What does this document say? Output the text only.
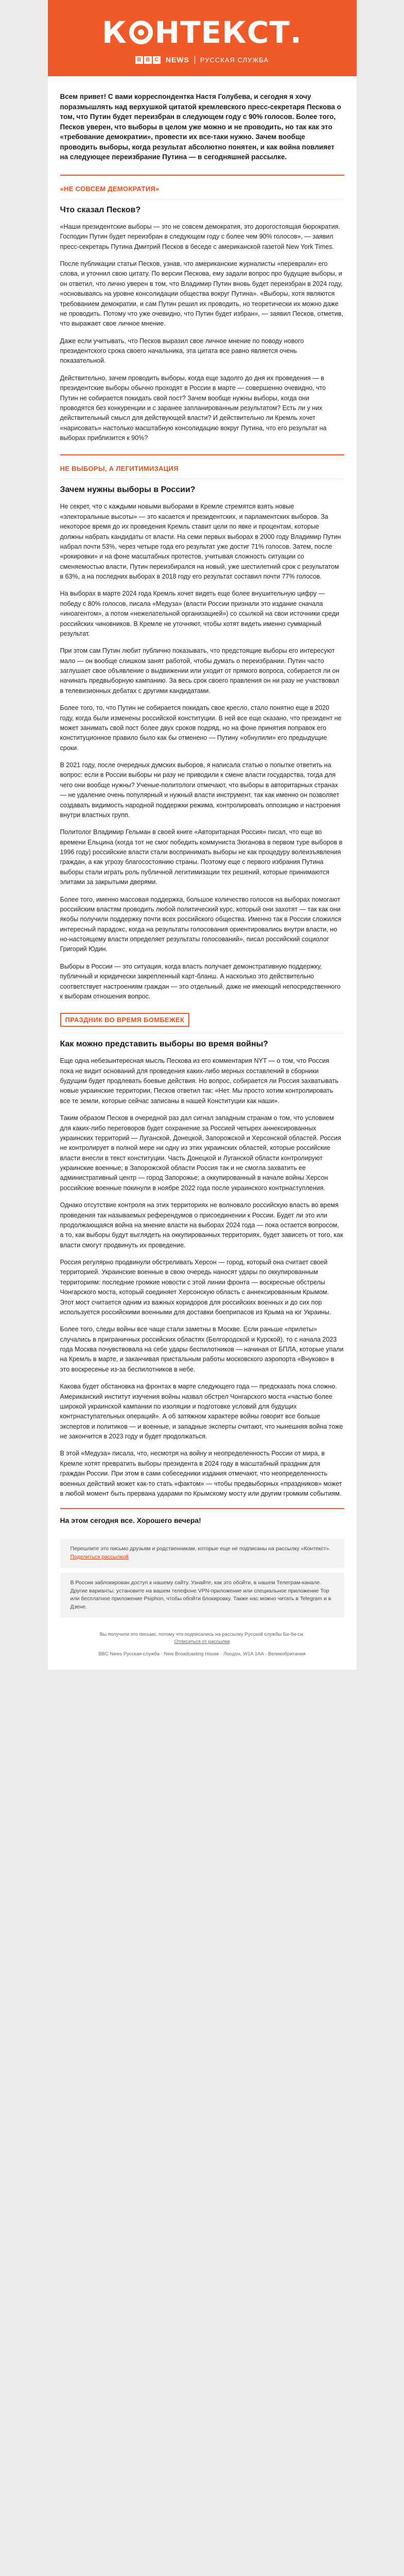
К НТЕКСТ.
B B C NEWS РУССКАЯ СЛУЖБА

Всем привет! С вами корреспондентка Настя Голубева, и сегодня я хочу поразмышлять над верхушкой цитатой кремлевского пресс-секретаря Пескова о том, что Путин будет переизбран в следующем году с 90% голосов. Более того, Песков уверен, что выборы в целом уже можно и не проводить, но так как это «требование демократии», провести их все-таки нужно. Зачем вообще проводить выборы, когда результат абсолютно понятен, и как война повлияет на следующее переизбрание Путина — в сегодняшней рассылке.

«НЕ СОВСЕМ ДЕМОКРАТИЯ»
Что сказал Песков?

«Наши президентские выборы — это не совсем демократия, это дорогостоящая бюрократия. Господин Путин будет переизбран в следующем году с более чем 90% голосов», — заявил пресс-секретарь Путина Дмитрий Песков в беседе с американской газетой New York Times.

После публикации статьи Песков, узнав, что американские журналисты «переврали» его слова, и уточнил свою цитату. По версии Пескова, ему задали вопрос про будущие выборы, и он ответил, что лично уверен в том, что Владимир Путин вновь будет переизбран в 2024 году, «основываясь на уровне консолидации общества вокруг Путина». «Выборы, хотя являются требованием демократии, и сам Путин решил их проводить, но теоретически их можно даже не проводить. Потому что уже очевидно, что Путин будет избран», — заявил Песков, отметив, что выражает свое личное мнение.

Даже если учитывать, что Песков выразил свое личное мнение по поводу нового президентского срока своего начальника, эта цитата все равно является очень показательной.

Действительно, зачем проводить выборы, когда еще задолго до дня их проведения — в президентские выборы обычно проходят в России в марте — совершенно очевидно, что Путин не собирается покидать свой пост? Зачем вообще нужны выборы, когда они проводятся без конкуренции и с заранее запланированным результатом? Есть ли у них действительный смысл для действующей власти? И действительно ли Кремль хочет «нарисовать» настолько масштабную консолидацию вокруг Путина, что его результат на выборах приблизится к 90%?

НЕ ВЫБОРЫ, А ЛЕГИТИМИЗАЦИЯ
Зачем нужны выборы в России?

Не секрет, что с каждыми новыми выборами в Кремле стремятся взять новые «электоральные высоты» — это касается и президентских, и парламентских выборов. За некоторое время до их проведения Кремль ставит цели по явке и процентам, которые должны набрать кандидаты от власти. На семи первых выборах в 2000 году Владимир Путин набрал почти 53%, через четыре года его результат уже достиг 71% голосов. Затем, после «рокировки» и на фоне масштабных протестов, учитывая сложность ситуации со сменяемостью власти, Путин переизбирался на новый, уже шестилетний срок с результатом в 63%, а на последних выборах в 2018 году его результат составил почти 77% голосов.

На выборах в марте 2024 года Кремль хочет видеть еще более внушительную цифру — победу с 80% голосов, писала «Медуза» (власти России признали это издание сначала «иноагентом», а потом «нежелательной организацией») со ссылкой на свои источники среди российских чиновников. В Кремле не уточняют, чтобы хотят видеть именно суммарный результат.

При этом сам Путин любит публично показывать, что предстоящие выборы его интересуют мало — он вообще слишком занят работой, чтобы думать о переизбрании. Путин часто заглушает свое объявление о выдвижении или уходит от прямого вопроса, собирается ли он начинать предвыборную кампанию. За весь срок своего правления он ни разу не участвовал в телевизионных дебатах с другими кандидатами.

Более того, то, что Путин не собирается покидать свое кресло, стало понятно еще в 2020 году, когда были изменены российской конституции. В ней все еще сказано, что президент не может занимать свой пост более двух сроков подряд, но на фоне принятия поправок его конституционное правило было как бы отменено — Путину «обнулили» его предыдущие сроки.

В 2021 году, после очередных думских выборов, я написала статью о попытке ответить на вопрос: если в России выборы ни разу не приводили к смене власти государства, тогда для чего они вообще нужны? Ученые-политологи отмечают, что выборы в авторитарных странах — не удаление очень популярный и нужный власти инструмент, так как именно он позволяет создавать видимость народной поддержки режима, контролировать оппозицию и настроения внутри властных групп.

Политолог Владимир Гельман в своей книге «Авторитарная Россия» писал, что еще во времени Ельцина (когда тот не смог победить коммуниста Зюганова в первом туре выборов в 1996 году) российские власти стали воспринимать выборы не как процедуру волеизъявления граждан, а как угрозу благосостоянию страны. Поэтому еще с первого избрания Путина выборы стали играть роль публичной легитимизации тех решений, которые принимаются элитами за закрытыми дверями.

Более того, именно массовая поддержка, большое количество голосов на выборах помогают российским властям проводить любой политический курс, который они захотят — так как они якобы получили поддержку почти всех российского общества. Именно так в России сложился интересный парадокс, когда на результаты голосования ориентировались внутри власти, но но-настоящему власти определяет результаты голосований», писал российский социолог Григорий Юдин.

Выборы в России — это ситуация, когда власть получает демонстративную поддержку, публичный и юридически закрепленный карт-бланш. А насколько это действительно соответствует настроениям граждан — это отдельный, даже не имеющий непосредственного к выборам отношения вопрос.

ПРАЗДНИК ВО ВРЕМЯ БОМБЕЖЕК
Как можно представить выборы во время войны?

Еще одна небезынтересная мысль Пескова из его комментария NYT — о том, что Россия пока не видит оснований для проведения каких-либо мерных составлений в сборники будущим будет продлевать боевые действия. Но вопрос, собирается ли Россия захватывать новые украинские территории, Песков ответил так: «Нет. Мы просто хотим контролировать все те земли, которые сейчас записаны в нашей Конституции как наши».

Таким образом Песков в очередной раз дал сигнал западным странам о том, что условием для каких-либо переговоров будет сохранение за Россией четырех аннексированных украинских территорий — Луганской, Донецкой, Запорожской и Херсонской областей. Россия не контролирует в полной мере ни одну из этих украинских областей, которые российские власти внесли в текст конституции. Часть Донецкой и Луганской области контролируют украинские военные; в Запорожской области Россия так и не смогла захватить ее административный центр — город Запорожье; а оккупированный в начале войны Херсон российские военные покинули в ноябре 2022 года после украинского контрнаступления.

Однако отсутствие контроля на этих территориях не волновало российскую власть во время проведения так называемых референдумов о присоединении к России. Будет ли это или продолжающаяся война на мнение власти на выборах 2024 года — пока остается вопросом, а то, как выборы будут выглядеть на оккупированных территориях, будет зависеть от того, как власти смогут продвинуть их проведение.

Россия регулярно продвинули обстреливать Херсон — город, который она считает своей территорией. Украинские военные в свою очередь наносят удары по оккупированным территориям: последние громкие новости с этой линии фронта — воскресные обстрелы Чонгарского моста, который соединяет Херсонскую область с аннексированным Крымом. Этот мост считается одним из важных коридоров для российских военных и до сих пор используется российскими военными для доставки боеприпасов из Крыма на юг Украины.

Более того, следы войны все чаще стали заметны в Москве. Если раньше «прилеты» случались в приграничных российских областях (Белгородской и Курской), то с начала 2023 года Москва почувствовала на себе удары беспилотников — начиная от БПЛА, которые упали на Кремль в марте, и заканчивая пристальным работы московского аэропорта «Внуково» в это воскресенье из-за беспилотников в небе.

Какова будет обстановка на фронтах в марте следующего года — предсказать пока сложно. Американский институт изучения войны назвал обстрел Чонгарского моста «частью более широкой украинской кампании по изоляции и подготовке условий для будущих контрнаступательных операций». А об затяжном характере войны говорит все больше экспертов и политиков — и военные, и западные эксперты считают, что нынешняя война тоже не закончится в 2023 году и будет продолжаться.

В этой «Медуза» писала, что, несмотря на войну и неопределенность России от мира, в Кремле хотят превратить выборы президента в 2024 году в масштабный праздник для граждан России. При этом в сами собеседники издания отмечают, что неопределенность военных действий может как-то стать «фактом» — чтобы предвыборных «праздников» может в любой момент быть прервана ударами по Крымскому мосту или другим громким событиям.

На этом сегодня все. Хорошего вечера!
Перешлите это письмо друзьям и родственникам, которые еще не подписаны на рассылку «Контекст». Поделиться рассылкой
В России заблокирован доступ к нашему сайту. Узнайте, как это обойти, в нашем Телеграм-канале. Другие варианты: установите на вашем телефоне VPN-приложение или специальное приложение Тор или бесплатное приложение Psiphon, чтобы обойти блокировку. Также нас можно читать в Telegram и в Дзене.
Вы получили это письмо, потому что подписались на рассылку Русской службы Би-би-си.
Отписаться от рассылки
BBC News Русская служба · New Broadcasting House · Лондон, W1A 1AA · Великобритания
